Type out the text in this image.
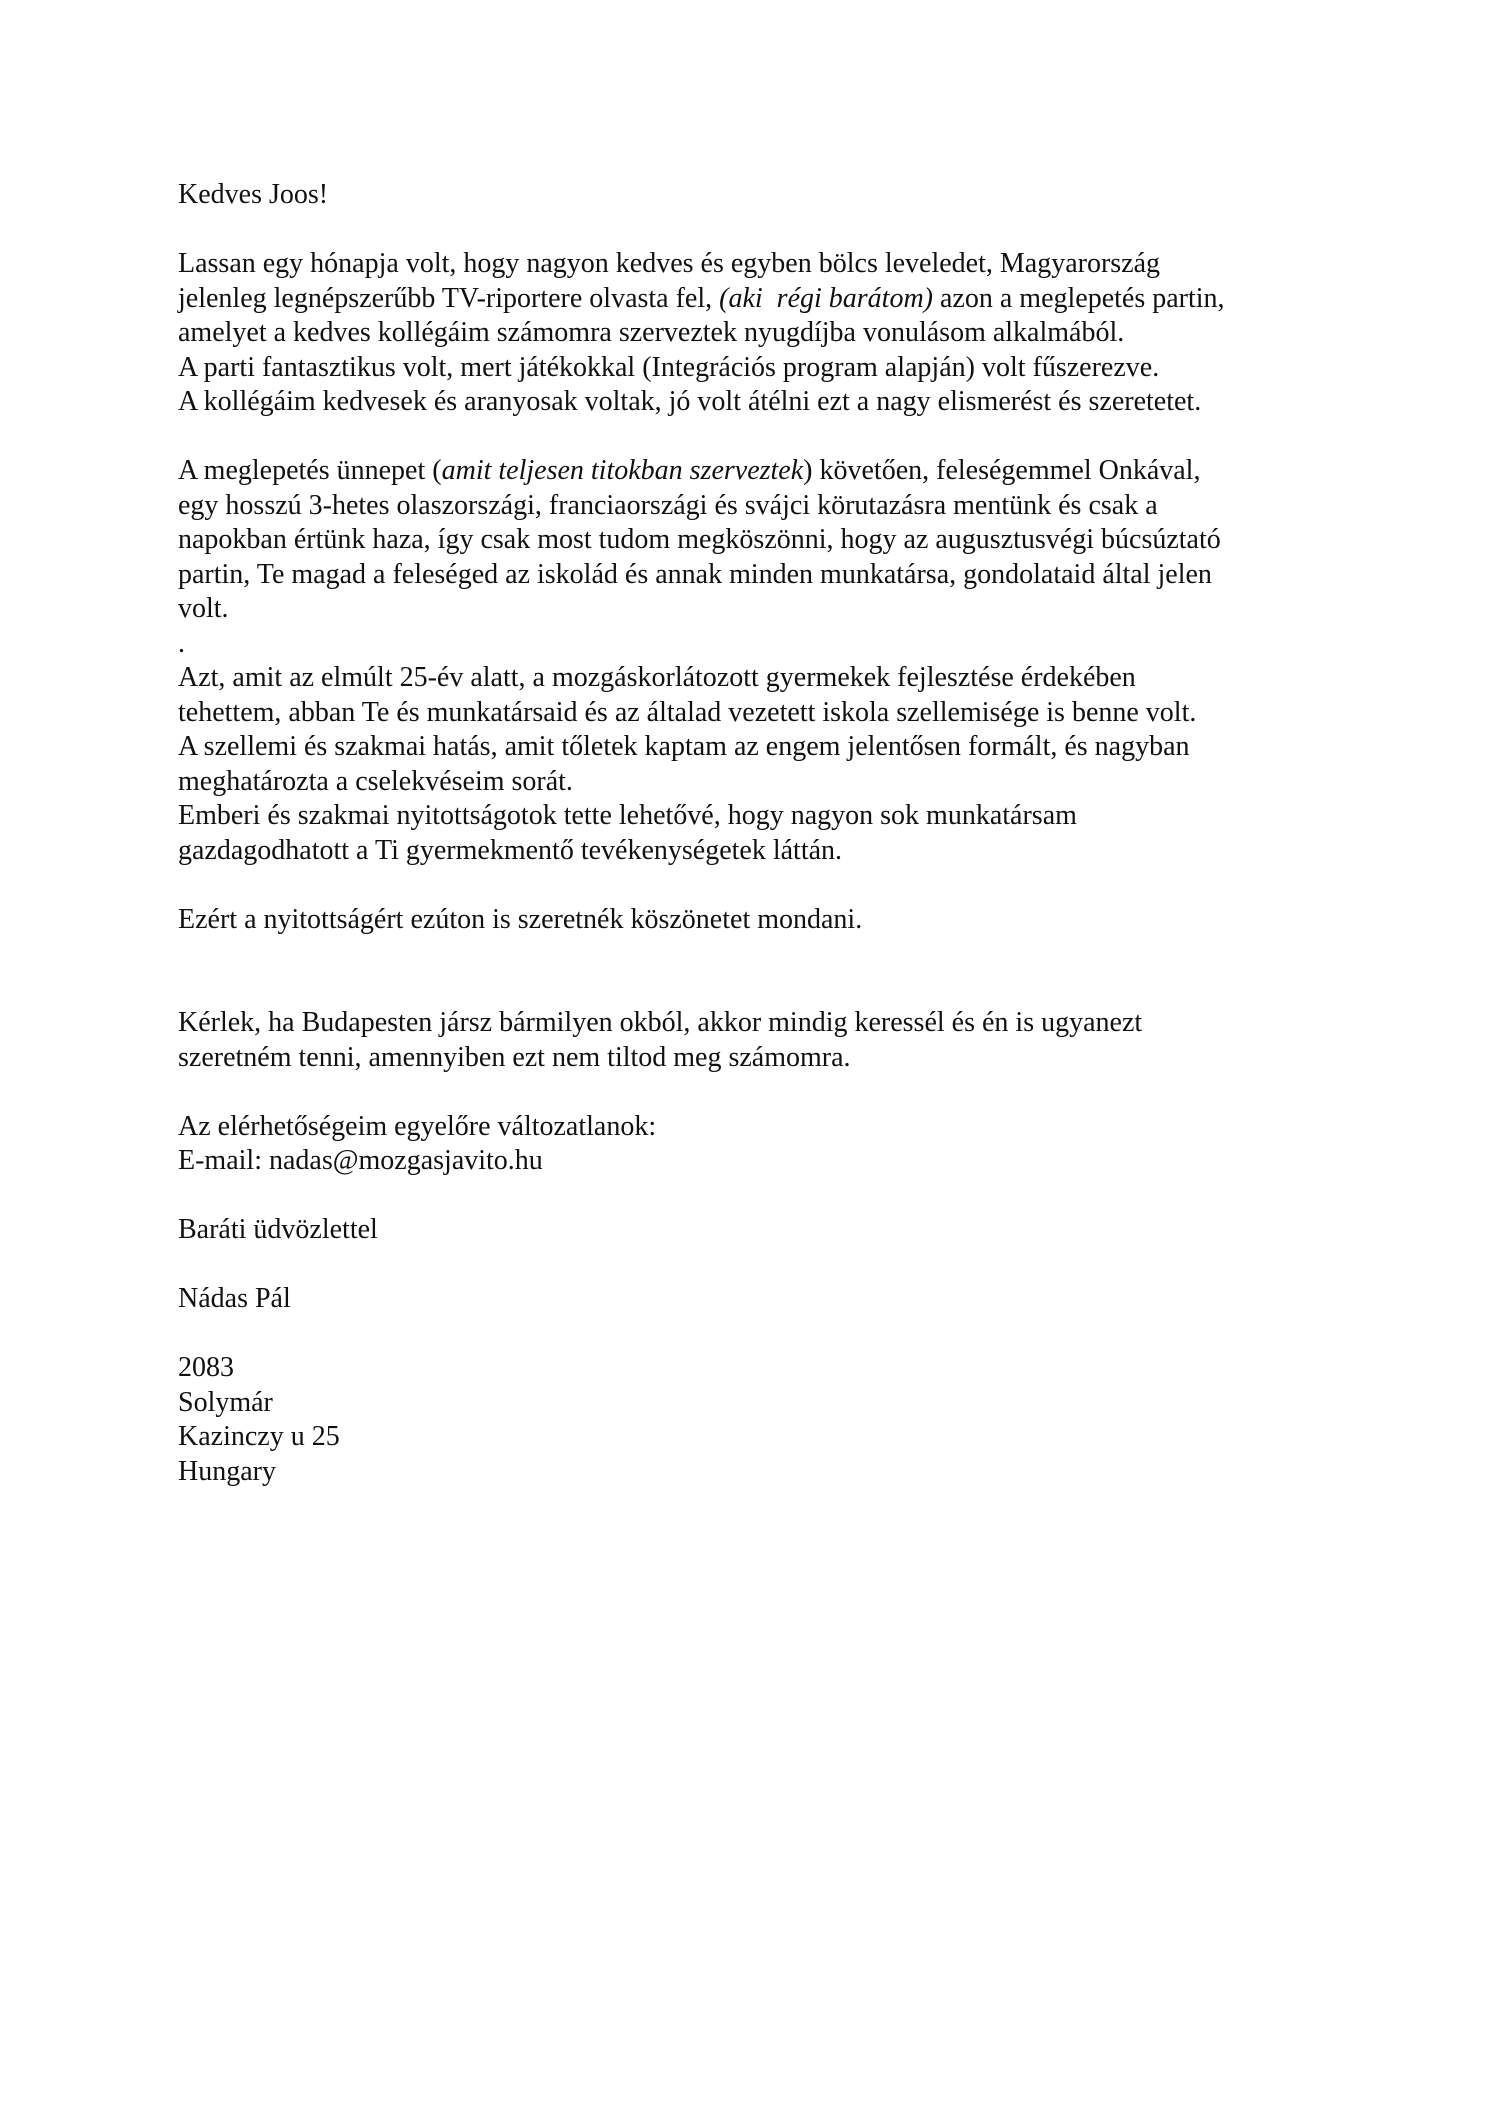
Kedves Joos!
Lassan egy hónapja volt, hogy nagyon kedves és egyben bölcs leveledet, Magyarország
jelenleg legnépszerűbb TV-riportere olvasta fel, (aki  régi barátom) azon a meglepetés partin,
amelyet a kedves kollégáim számomra szerveztek nyugdíjba vonulásom alkalmából.
A parti fantasztikus volt, mert játékokkal (Integrációs program alapján) volt fűszerezve.
A kollégáim kedvesek és aranyosak voltak, jó volt átélni ezt a nagy elismerést és szeretetet.
A meglepetés ünnepet (amit teljesen titokban szerveztek) követően, feleségemmel Onkával,
egy hosszú 3-hetes olaszországi, franciaországi és svájci körutazásra mentünk és csak a
napokban értünk haza, így csak most tudom megköszönni, hogy az augusztusvégi búcsúztató
partin, Te magad a feleséged az iskolád és annak minden munkatársa, gondolataid által jelen
volt.
.
Azt, amit az elmúlt 25-év alatt, a mozgáskorlátozott gyermekek fejlesztése érdekében
tehettem, abban Te és munkatársaid és az általad vezetett iskola szellemisége is benne volt.
A szellemi és szakmai hatás, amit tőletek kaptam az engem jelentősen formált, és nagyban
meghatározta a cselekvéseim sorát.
Emberi és szakmai nyitottságotok tette lehetővé, hogy nagyon sok munkatársam
gazdagodhatott a Ti gyermekmentő tevékenységetek láttán.
Ezért a nyitottságért ezúton is szeretnék köszönetet mondani.
Kérlek, ha Budapesten jársz bármilyen okból, akkor mindig keressél és én is ugyanezt
szeretném tenni, amennyiben ezt nem tiltod meg számomra.
Az elérhetőségeim egyelőre változatlanok:
E-mail: nadas@mozgasjavito.hu
Baráti üdvözlettel
Nádas Pál
2083
Solymár
Kazinczy u 25
Hungary
